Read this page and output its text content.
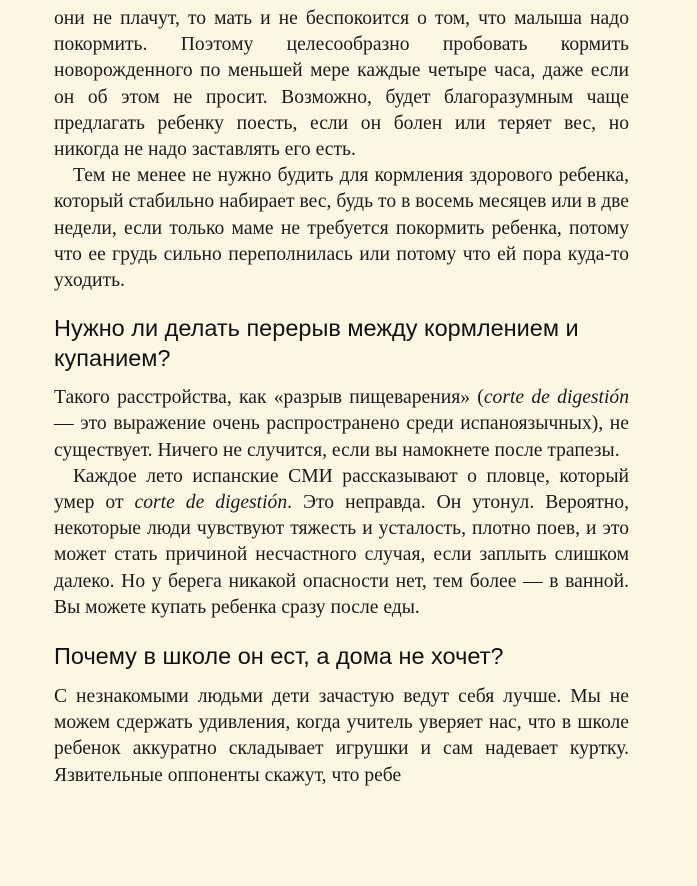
они не плачут, то мать и не беспокоится о том, что малыша надо покормить. Поэтому целесообразно пробовать кормить новорожденного по меньшей мере каждые четыре часа, даже если он об этом не просит. Возможно, будет благоразумным чаще предлагать ребенку поесть, если он болен или теряет вес, но никогда не надо заставлять его есть.

Тем не менее не нужно будить для кормления здорового ребенка, который стабильно набирает вес, будь то в восемь месяцев или в две недели, если только маме не требуется покормить ребенка, потому что ее грудь сильно переполнилась или потому что ей пора куда-то уходить.

Нужно ли делать перерыв между кормлением и купанием?

Такого расстройства, как «разрыв пищеварения» (corte de digestión — это выражение очень распространено среди испаноязычных), не существует. Ничего не случится, если вы намокнете после трапезы.

Каждое лето испанские СМИ рассказывают о пловце, который умер от corte de digestión. Это неправда. Он утонул. Вероятно, некоторые люди чувствуют тяжесть и усталость, плотно поев, и это может стать причиной несчастного случая, если заплыть слишком далеко. Но у берега никакой опасности нет, тем более — в ванной. Вы можете купать ребенка сразу после еды.

Почему в школе он ест, а дома не хочет?

С незнакомыми людьми дети зачастую ведут себя лучше. Мы не можем сдержать удивления, когда учитель уверяет нас, что в школе ребенок аккуратно складывает игрушки и сам надевает куртку. Язвительные оппоненты скажут, что ребе
